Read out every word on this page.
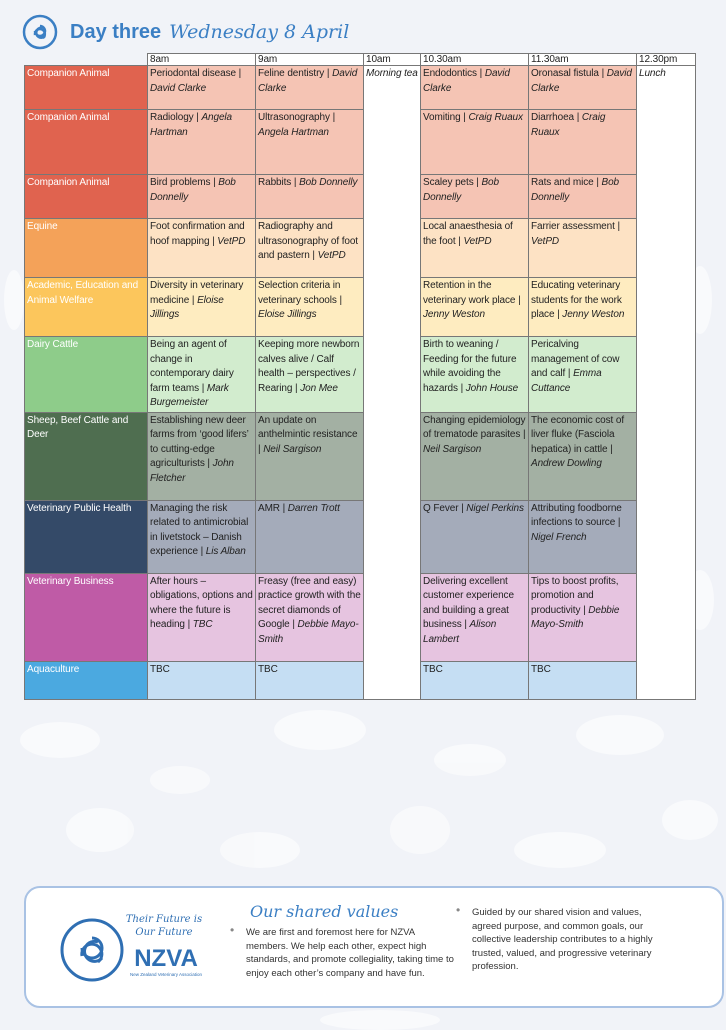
Day three Wednesday 8 April
	8am	9am	10am	10.30am	11.30am	12.30pm
Companion Animal	Periodontal disease | David Clarke	Feline dentistry | David Clarke	Morning tea	Endodontics | David Clarke	Oronasal fistula | David Clarke	Lunch
Companion Animal	Radiology | Angela Hartman	Ultrasonography | Angela Hartman		Vomiting | Craig Ruaux	Diarrhoea | Craig Ruaux
Companion Animal	Bird problems | Bob Donnelly	Rabbits | Bob Donnelly		Scaley pets | Bob Donnelly	Rats and mice | Bob Donnelly
Equine	Foot confirmation and hoof mapping | VetPD	Radiography and ultrasonography of foot and pastern | VetPD		Local anaesthesia of the foot | VetPD	Farrier assessment | VetPD
Academic, Education and Animal Welfare	Diversity in veterinary medicine | Eloise Jillings	Selection criteria in veterinary schools | Eloise Jillings		Retention in the veterinary work place | Jenny Weston	Educating veterinary students for the work place | Jenny Weston
Dairy Cattle	Being an agent of change in contemporary dairy farm teams | Mark Burgemeister	Keeping more newborn calves alive / Calf health – perspectives / Rearing | Jon Mee		Birth to weaning / Feeding for the future while avoiding the hazards | John House	Pericalving management of cow and calf | Emma Cuttance
Sheep, Beef Cattle and Deer	Establishing new deer farms from ‘good lifers’ to cutting-edge agriculturists | John Fletcher	An update on anthelmintic resistance | Neil Sargison		Changing epidemiology of trematode parasites | Neil Sargison	The economic cost of liver fluke (Fasciola hepatica) in cattle | Andrew Dowling
Veterinary Public Health	Managing the risk related to antimicrobial in livetstock – Danish experience | Lis Alban	AMR | Darren Trott		Q Fever | Nigel Perkins	Attributing foodborne infections to source | Nigel French
Veterinary Business	After hours – obligations, options and where the future is heading | TBC	Freasy (free and easy) practice growth with the secret diamonds of Google | Debbie Mayo-Smith		Delivering excellent customer experience and building a great business | Alison Lambert	Tips to boost profits, promotion and productivity | Debbie Mayo-Smith
Aquaculture	TBC	TBC		TBC	TBC	
Their Future is
Our Future
NZVA
New Zealand Veterinary Association
Our shared values
• We are first and foremost here for NZVA members. We help each other, expect high standards, and promote collegiality, taking time to enjoy each other’s company and have fun.
• Guided by our shared vision and values, agreed purpose, and common goals, our collective leadership contributes to a highly trusted, valued, and progressive veterinary profession.
